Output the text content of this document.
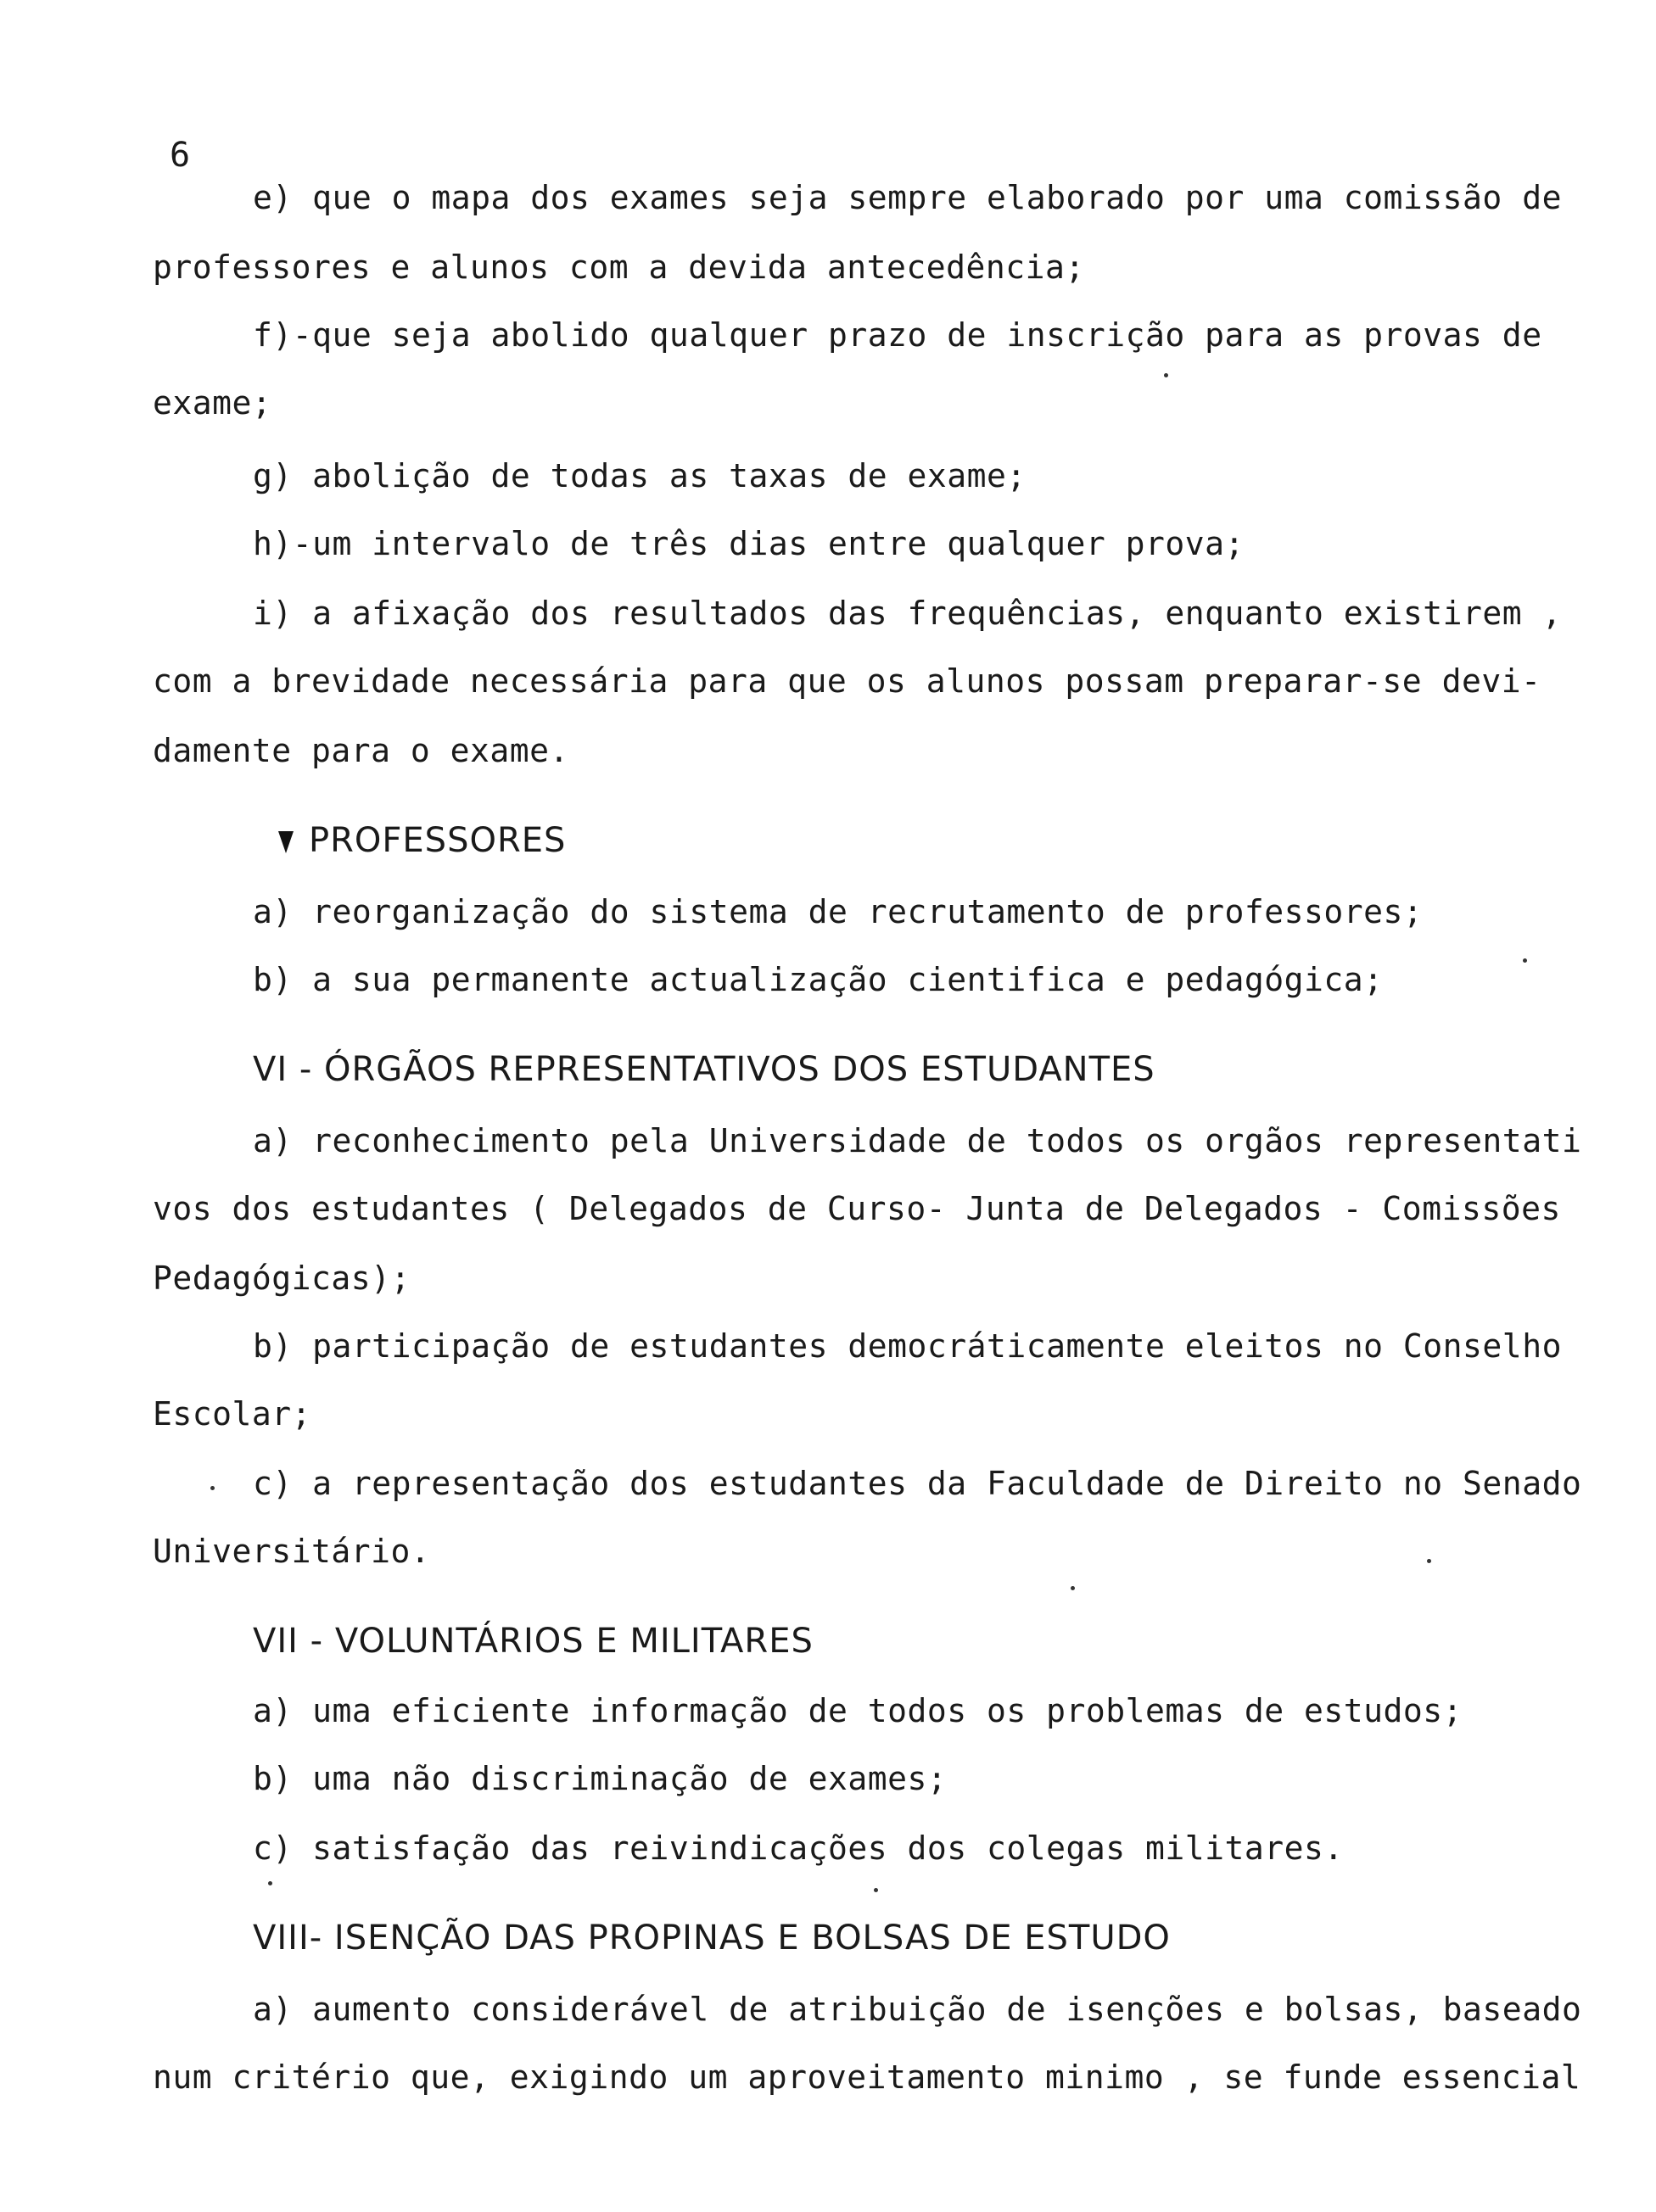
6
e) que o mapa dos exames seja sempre elaborado por uma comissão de
professores e alunos com a devida antecedência;
f)-que seja abolido qualquer prazo de inscrição para as provas de
exame;
g) abolição de todas as taxas de exame;
h)-um intervalo de três dias entre qualquer prova;
i) a afixação dos resultados das frequências, enquanto existirem ,
com a brevidade necessária para que os alunos possam preparar-se devi-
damente para o exame.
PROFESSORES
a) reorganização do sistema de recrutamento de professores;
b) a sua permanente actualização cientifica e pedagógica;
VI - ÓRGÃOS REPRESENTATIVOS DOS ESTUDANTES
a) reconhecimento pela Universidade de todos os orgãos representati
vos dos estudantes ( Delegados de Curso- Junta de Delegados - Comissões
Pedagógicas);
b) participação de estudantes democráticamente eleitos no Conselho
Escolar;
c) a representação dos estudantes da Faculdade de Direito no Senado
Universitário.
VII - VOLUNTÁRIOS E MILITARES
a) uma eficiente informação de todos os problemas de estudos;
b) uma não discriminação de exames;
c) satisfação das reivindicações dos colegas militares.
VIII- ISENÇÃO DAS PROPINAS E BOLSAS DE ESTUDO
a) aumento considerável de atribuição de isenções e bolsas, baseado
num critério que, exigindo um aproveitamento minimo , se funde essencial
